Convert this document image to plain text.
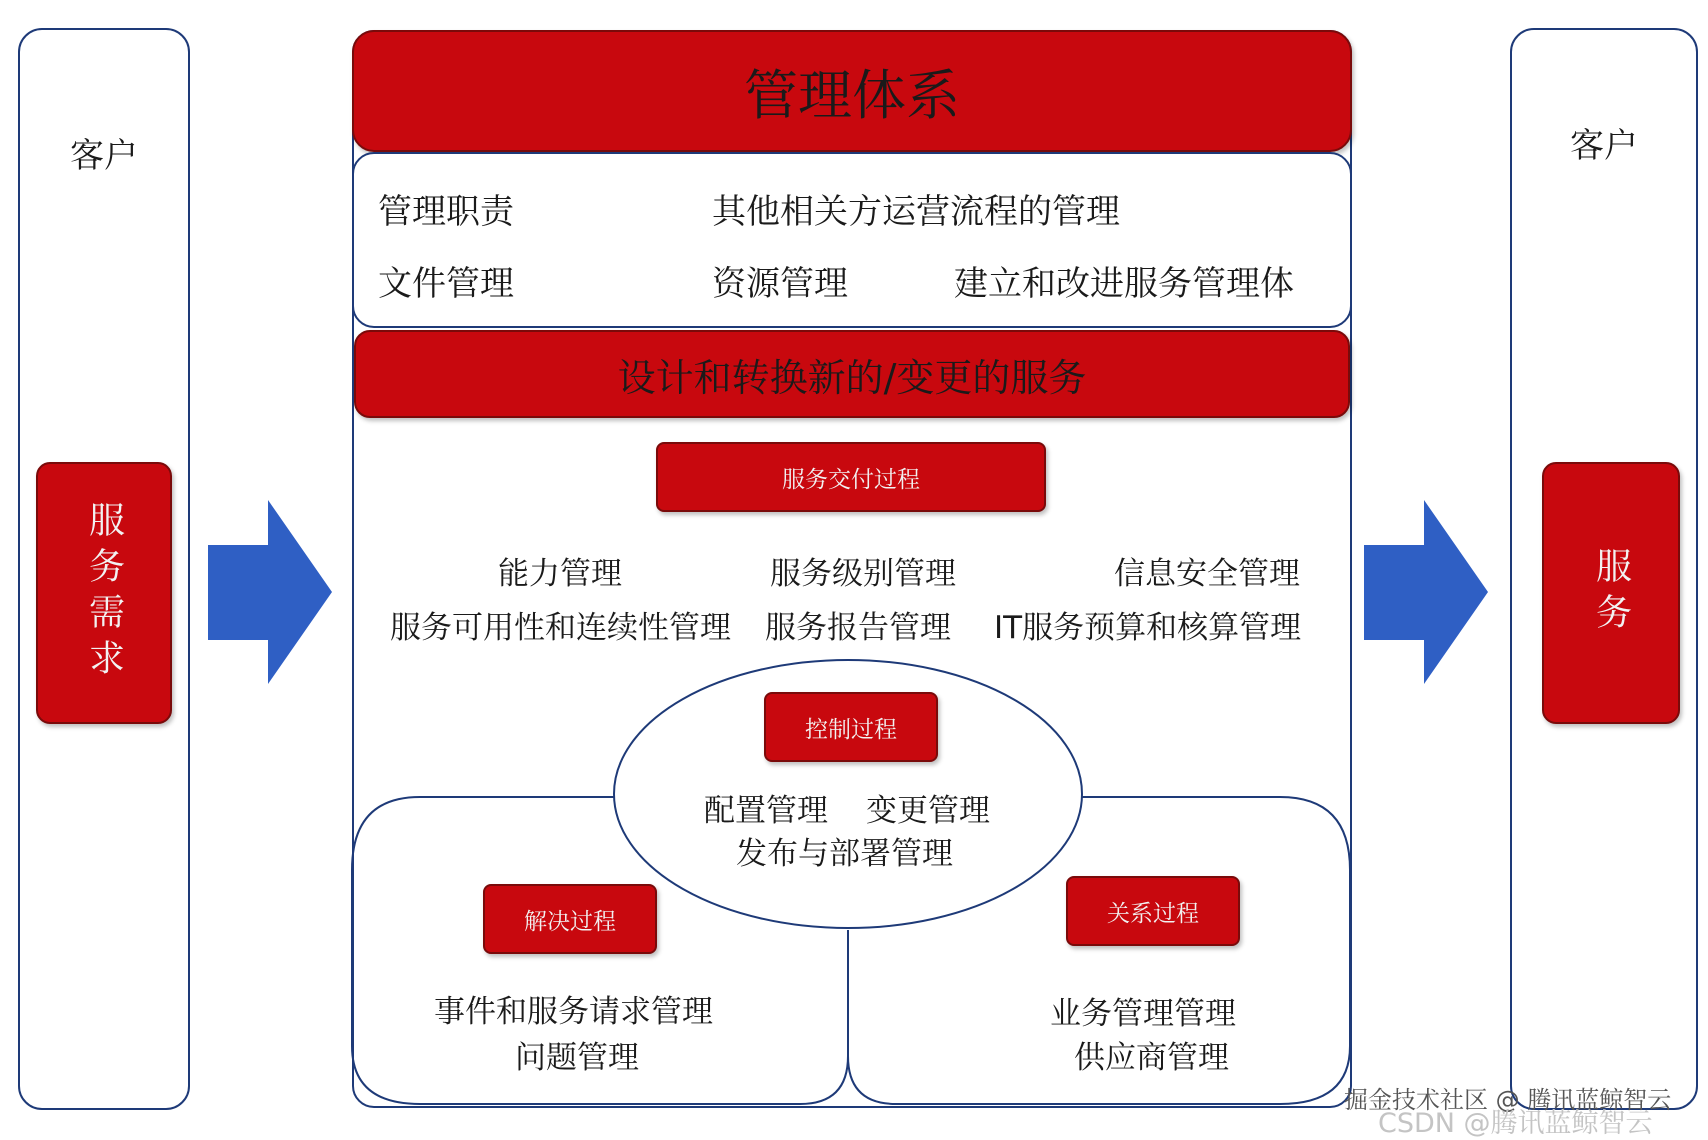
客户
服务需求
客户
服务
管理体系
管理职责	其他相关方运营流程的管理
文件管理	资源管理	建立和改进服务管理体
设计和转换新的/变更的服务
服务交付过程
能力管理	服务级别管理	信息安全管理
服务可用性和连续性管理 服务报告管理 IT服务预算和核算管理
控制过程
配置管理 变更管理
发布与部署管理
解决过程
事件和服务请求管理
问题管理
关系过程
业务管理管理
供应商管理
掘金技术社区 @ 腾讯蓝鲸智云
CSDN @腾讯蓝鲸智云
